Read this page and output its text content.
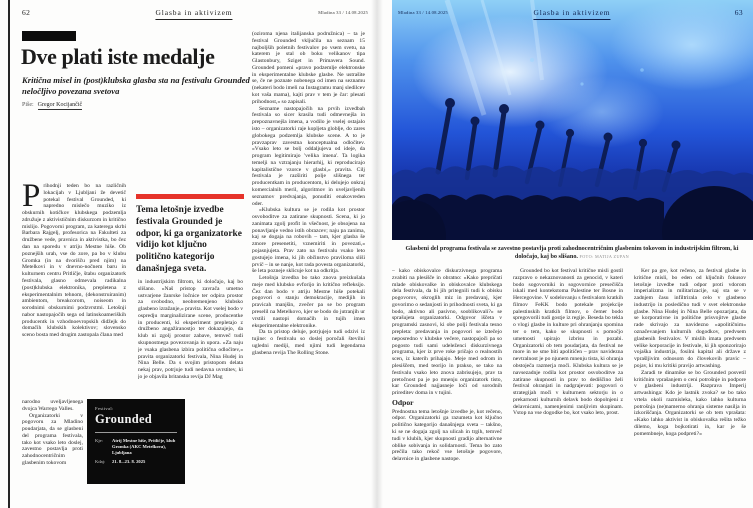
62	Glasba in aktivizem	Mladina 33 / 14.08.2025
Dve plati iste medalje
Kritična misel in (post)klubska glasba sta na festivalu Grounded neločljivo povezana svetova
Piše: Gregor Kocijančič

Prihodnji teden bo na različnih lokacijah v Ljubljani že devetič potekal festival Grounded, ki napredno mislečo muziko iz obskurnih kotičkov klubskega podzemlja združuje z aktivističnim diskurzom in kritično mislijo. Pogovorni program, za katerega skrbi Barbara Rajgelj, profesorica na Fakulteti za družbene vede, pravnica in aktivistka, bo čez dan na sporedu v atriju Mestne hiše. Ob poznejših urah, vse do zore, pa bo v klubu Gromka (in na dvorišču pred njim) na Metelkovi in v dnevno-nočnem baru in kulturnem centru Pritličje, štabu organizatork festivala, glasno odmevala radikalna (post)klubska elektronika, prepletena z eksperimentalnim tehnom, (dekonstruiranim) ambientom, breakcorom, noiseom in sorodnimi obskurnimi podzvrstmi. Letošnji nabor nastopajočih sega od latinskoameriških producentk in vzhodnoevropskih didžejk do domačih klubskih kolektivov; slovensko sceno bosta med drugim zastopala člana med

narodno uveljavljenega dvojca Warrego Valles.

Organizatorki v pogovoru za Mladino poudarjata, da se glasbeni del programa festivala, tako kot vsako leto doslej, zavestno postavlja proti zahodnocentričnim glasbenim tokovom

Tema letošnje izvedbe festivala Grounded je odpor, ki ga organizatorke vidijo kot ključno politično kategorijo današnjega sveta.

in industrijskim filtrom, ki določajo, kaj bo slišano. »Naš pristop zavrača umetno ustvarjene žanrske ločnice ter odpira prostor za svobodno, neobremenjeno klubsko glasbeno izražanje,« pravita. Kot vselej bodo v ospredju marginalizirane scene, producentke in producenti, ki eksperiment prepletajo z družbeno angažiranostjo ter dokazujejo, da klub ni zgolj prostor zabave, temveč tudi skupnostnega povezovanja in upora. »Za naju je vsaka glasbena izbira politična odločitev,« pravita organizatorki festivala, Nina Hudej in Nina Belle. Da s svojim pristopom delata nekaj prav, potrjuje tudi nedavna uvrstitev, ki jo je objavila britanska revija DJ Mag

(oziroma njena italijanska podružnica) – ta je festival Grounded vključila na seznam 15 najboljših poletnih festivalov po vsem svetu, na katerem je stal ob boku velikanov tipa Glastonbury, Sziget in Primavera Sound. Grounded pomeni »pravo podzemlje elektronske in eksperimentalne klubske glasbe. Ne ustrašite se, če ne poznate nobenega od imen na seznamu (nekateri bodo imeli na Instagramu manj sledilcev kot vaša mama), kajti prav v tem je čar: plesati prihodnost,« so zapisali.

Sezname nastopajočih na prvih izvedbah festivala so sicer krasila tudi odmevnejša in prepoznavnejša imena, a vodilo je vselej ostajalo isto – organizatorki raje kopljeta globlje, do zares globokega podzemlja klubske scene. A to je pravzaprav zavestna konceptualna odločitev. »Vsako leto se bolj oddaljujeva od ideje, da program legitimirajo 'velika imena'. Ta logika temelji na vztrajanju hierarhij, ki reproducirajo kapitalistične vzorce v glasbi,« pravita. Cilj festivala je razširiti polje slišnega ter producentkam in producentom, ki delujejo onkraj komercialnih meril, algoritmov in uveljavljenih seznamov predvajanja, ponuditi enakovreden oder.

»Klubska kultura se je rodila kot prostor osvoboditve za zatirane skupnosti. Scena, ki jo zanimata zgolj profit in všečnost, je obsojena na ponavljanje vedno istih obrazcev; naju pa zanima, kaj se dogaja na robovih – tam, kjer glasba še zmore presenetiti, vznemiriti in povezati,« pojasnjujeta. Prav zato na festivalu vsako leto gostujejo imena, ki jih občinstvo praviloma sliši prvič – in se nanje, kot rada povesta organizatorki, še leta pozneje sklicuje kot na odkritja.

Letošnja izvedba bo tako znova preizkušala meje med klubsko evforijo in kritično refleksijo. Čez dan bodo v atriju Mestne hiše potekali pogovori o stanju demokracije, medijih in pravicah manjšin, zvečer pa se bo program preselil na Metelkovo, kjer se bodo do jutranjih ur vrstili nastopi domačih in tujih imen eksperimentalne elektronike.

Da ta pristop deluje, potrjujejo tudi odzivi iz tujine: o festivalu so doslej poročali številni ugledni mediji, med njimi tudi legendarna glasbena revija The Rolling Stone.

Festival:
Grounded
Kje:	Atrij Mestne hiše, Pritličje, klub Gromka (AKC Metelkova), Ljubljana
Kdaj:	21. 8.–23. 8. 2025
Mladina 33 / 14.08.2025	Glasba in aktivizem	63
Glasbeni del programa festivala se zavestno postavlja proti zahodnocentričnim glasbenim tokovom in industrijskim filtrom, ki določajo, kaj bo slišano. FOTO: MATIJA ZUPAN

– kako obiskovalce diskurzivnega programa zvabiti na plesišče in obratno: »Kako prepričati mlade obiskovalke in obiskovalce klubskega dela festivala, da bi jih pritegnili tudi k obisku pogovorov, okroglih miz in predavanj, kjer govorimo o sedanjosti in prihodnosti sveta, ki ga bodo, aktivno ali pasivno, sooblikovali?« se sprašujeta organizatorki. Odgovor iščeta v programski zasnovi, ki obe polji festivala tesno prepleta: predavanja in pogovori se iztečejo neposredno v klubske večere, nastopajoči pa so pogosto tudi sami udeleženci diskurzivnega programa, kjer iz prve roke pričajo o realnostih scen, iz katerih prihajajo. Meje med odrom in plesiščem, med teorijo in prakso, se tako na festivalu vsako leto znova zabrisujejo, prav ta pretočnost pa je po mnenju organizatork tisto, kar Grounded najjasneje loči od sorodnih prireditev doma in v tujini.

Odpor

Prednostna tema letošnje izvedbe je, kot rečeno, odpor. Organizatorki ga razumeta kot ključno politično kategorijo današnjega sveta – takšno, ki se ne dogaja zgolj na ulicah in trgih, temveč tudi v klubih, kjer skupnosti gradijo alternativne oblike sobivanja in solidarnosti. Tema bo zato prečila tako rekoč vse letošnje pogovore, delavnice in glasbene nastope.

Grounded bo kot festival kritične misli gostil razpravo o nekaznovanosti za genocid, v kateri bodo sogovorniki in sogovornice presečišča iskali med kontekstoma Palestine ter Bosne in Hercegovine. V sodelovanju s festivalom kratkih filmov FeKK bodo potekale projekcije palestinskih kratkih filmov, o čemer bodo spregovorili tudi gostje iz regije. Beseda bo tekla o vlogi glasbe in kulture pri ohranjanju spomina ter o tem, kako se skupnosti s pomočjo umetnosti upirajo izbrisu in pozabi. Organizatorki ob tem poudarjata, da festival ne more in ne sme biti apolitičen – prav navidezna nevtralnost je po njunem mnenju tista, ki ohranja obstoječa razmerja moči. Klubska kultura se je navsezadnje rodila kot prostor osvoboditve za zatirane skupnosti in prav to dediščino želi festival ohranjati in nadgrajevati: pogovori o strategijah moči v kulturnem sektorju in o prekarnosti kulturnih delavk bodo dopolnjeni z delavnicami, namenjenimi ranljivim skupinam. Vstop na vse dogodke bo, kot vsako leto, prost.

Ker pa gre, kot rečeno, za festival glasbe in kritične misli, bo eden od ključnih fokusov letošnje izvedbe tudi odpor proti vdorom imperializma in militarizacije, saj sta se v zadnjem času infiltrirala celo v glasbeno industrijo in posledično tudi v svet elektronske glasbe. Nina Hudej in Nina Belle opozarjata, da se korporativne in politične prisvojitve glasbe rade skrivajo za navidezno »apolitičnim« označevanjem kulturnih dogodkov, predvsem glasbenih festivalov. V mislih imata predvsem velike korporacije in festivale, ki jih sponzorirajo vojaška industrija, fosilni kapital ali države z vprašljivim odnosom do človekovih pravic – pojav, ki mu kritiki pravijo artwashing.

Zaradi te dinamike se bo Grounded posvetil kritičnim vprašanjem o ceni potrošnje in podpore v glasbeni industriji. Razprava Imperij artwashinga: Kdo je lastnik zvoka? se bo tako vrtela okoli razmisleka, kako lahko kulturna potrošnja (ne)namerno ohranja sisteme nasilja in izkoriščanja. Organizatorki se ob tem vprašata: »Kako lahko aktivist in obiskovalka rešita težko dilemo, koga bojkotirati in, kar je še pomembneje, koga podpreti?«
